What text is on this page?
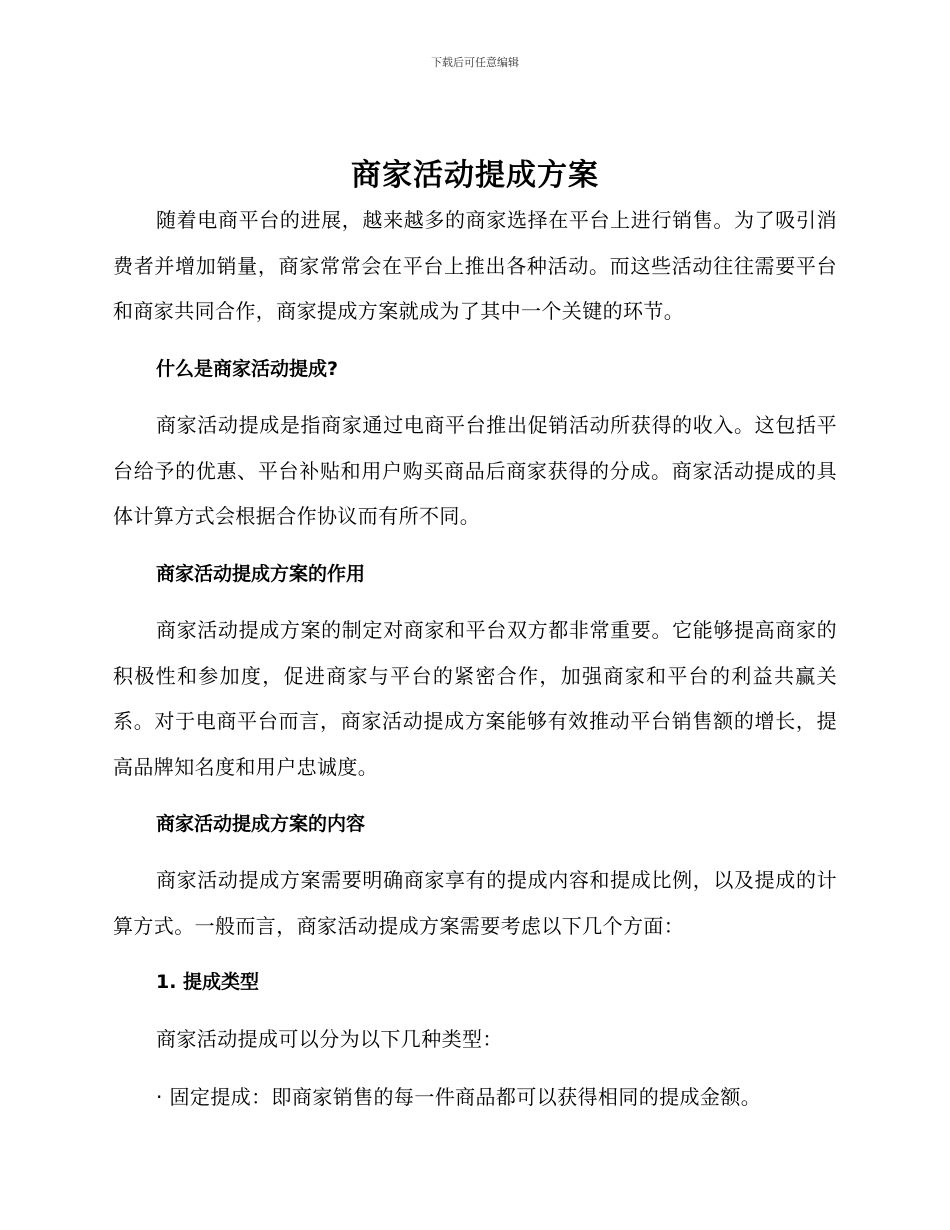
下载后可任意编辑
商家活动提成方案

随着电商平台的进展，越来越多的商家选择在平台上进行销售。为了吸引消费者并增加销量，商家常常会在平台上推出各种活动。而这些活动往往需要平台和商家共同合作，商家提成方案就成为了其中一个关键的环节。

什么是商家活动提成?

商家活动提成是指商家通过电商平台推出促销活动所获得的收入。这包括平台给予的优惠、平台补贴和用户购买商品后商家获得的分成。商家活动提成的具体计算方式会根据合作协议而有所不同。

商家活动提成方案的作用

商家活动提成方案的制定对商家和平台双方都非常重要。它能够提高商家的积极性和参加度，促进商家与平台的紧密合作，加强商家和平台的利益共赢关系。对于电商平台而言，商家活动提成方案能够有效推动平台销售额的增长，提高品牌知名度和用户忠诚度。

商家活动提成方案的内容

商家活动提成方案需要明确商家享有的提成内容和提成比例，以及提成的计算方式。一般而言，商家活动提成方案需要考虑以下几个方面：

1. 提成类型
商家活动提成可以分为以下几种类型：
· 固定提成：即商家销售的每一件商品都可以获得相同的提成金额。
